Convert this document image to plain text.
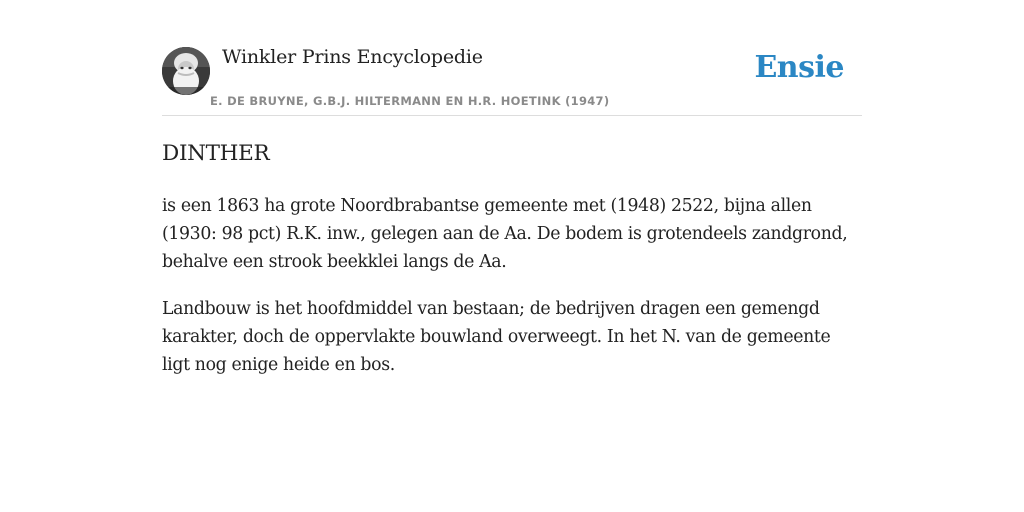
Winkler Prins Encyclopedie
E. DE BRUYNE, G.B.J. HILTERMANN EN H.R. HOETINK (1947)
Ensie
DINTHER

is een 1863 ha grote Noordbrabantse gemeente met (1948) 2522, bijna allen (1930: 98 pct) R.K. inw., gelegen aan de Aa. De bodem is grotendeels zandgrond, behalve een strook beekklei langs de Aa.

Landbouw is het hoofdmiddel van bestaan; de bedrijven dragen een gemengd karakter, doch de oppervlakte bouwland overweegt. In het N. van de gemeente ligt nog enige heide en bos.
